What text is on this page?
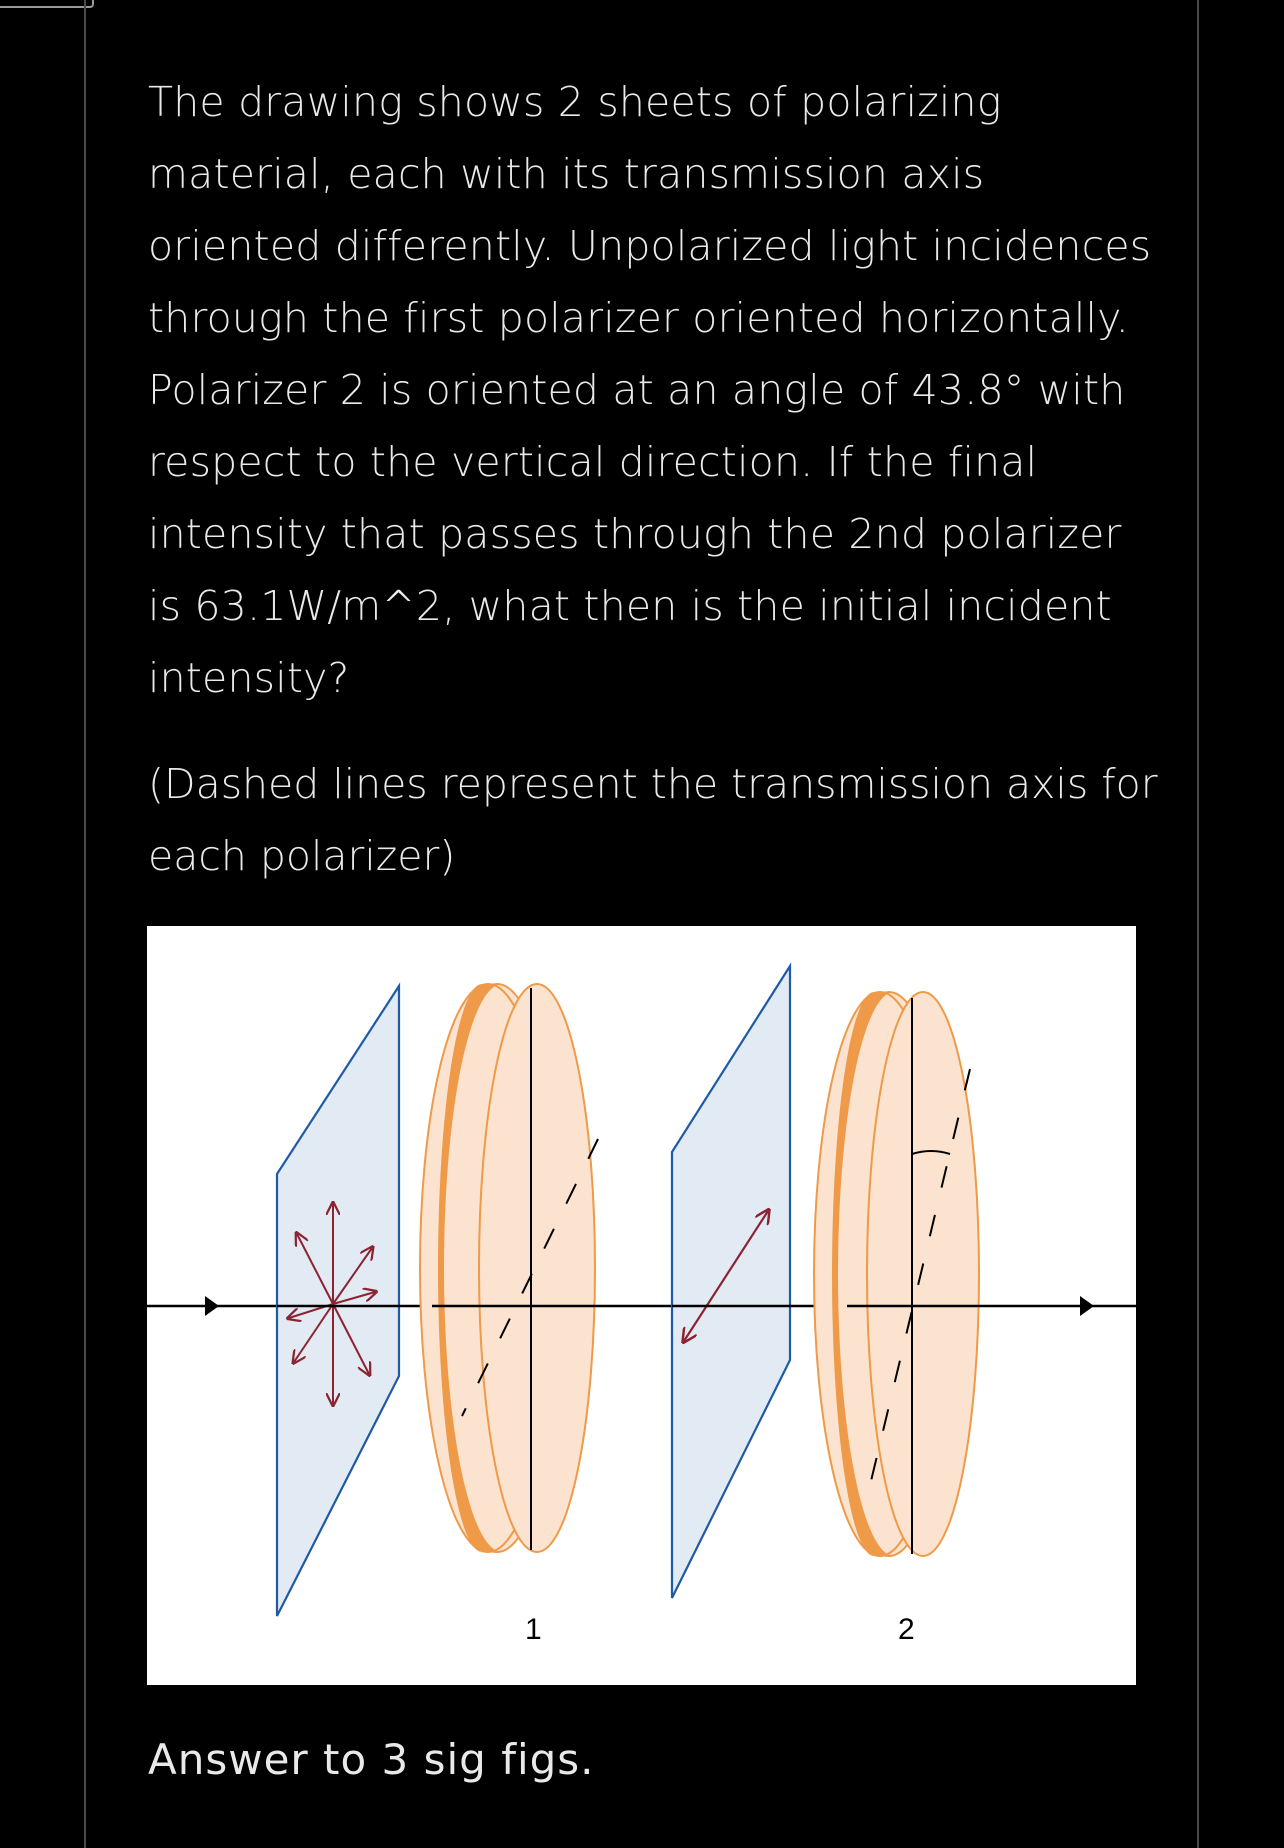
The drawing shows 2 sheets of polarizing material, each with its transmission axis oriented differently. Unpolarized light incidences through the first polarizer oriented horizontally. Polarizer 2 is oriented at an angle of 43.8° with respect to the vertical direction. If the final intensity that passes through the 2nd polarizer is 63.1W/m^2, what then is the initial incident intensity?

(Dashed lines represent the transmission axis for each polarizer)

1	2

Answer to 3 sig figs.
